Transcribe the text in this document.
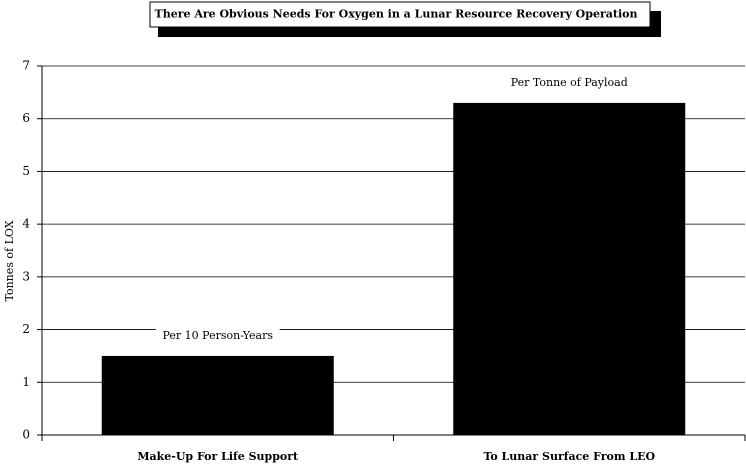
There Are Obvious Needs For Oxygen in a Lunar Resource Recovery Operation
Tonnes of LOX
0
1
2
3
4
5
6
7
Per 10 Person-Years
Per Tonne of Payload
Make-Up For Life Support	To Lunar Surface From LEO
